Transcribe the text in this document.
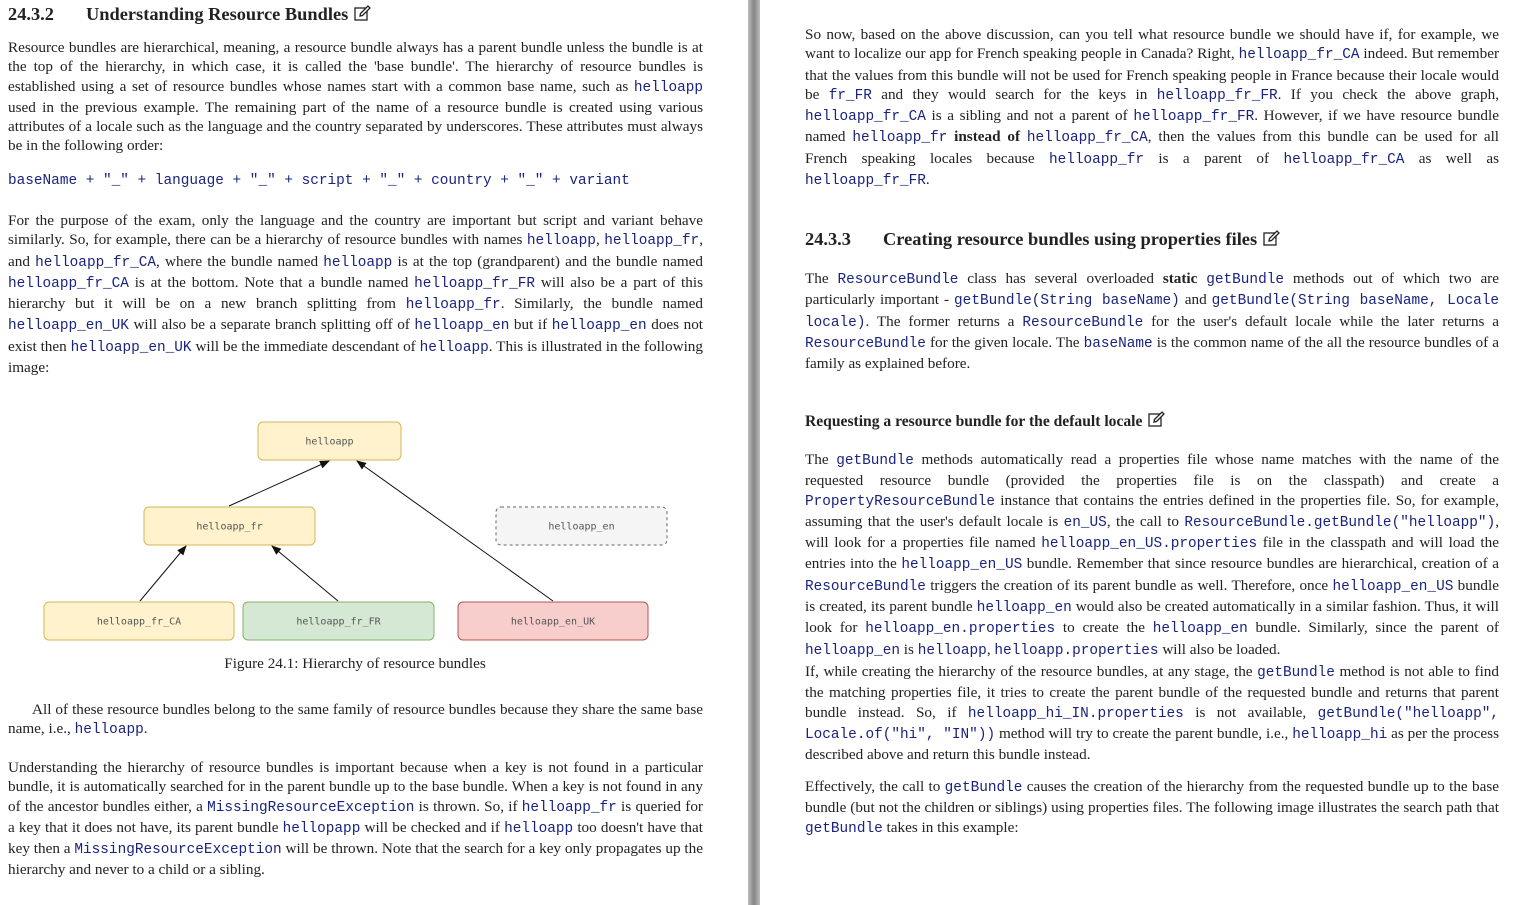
24.3.2 Understanding Resource Bundles

Resource bundles are hierarchical, meaning, a resource bundle always has a parent bundle unless the bundle is at the top of the hierarchy, in which case, it is called the 'base bundle'. The hierarchy of resource bundles is established using a set of resource bundles whose names start with a common base name, such as helloapp used in the previous example. The remaining part of the name of a resource bundle is created using various attributes of a locale such as the language and the country separated by underscores. These attributes must always be in the following order:

baseName + "_" + language + "_" + script + "_" + country + "_" + variant

For the purpose of the exam, only the language and the country are important but script and variant behave similarly. So, for example, there can be a hierarchy of resource bundles with names helloapp, helloapp_fr, and helloapp_fr_CA, where the bundle named helloapp is at the top (grandparent) and the bundle named helloapp_fr_CA is at the bottom. Note that a bundle named helloapp_fr_FR will also be a part of this hierarchy but it will be on a new branch splitting from helloapp_fr. Similarly, the bundle named helloapp_en_UK will also be a separate branch splitting off of helloapp_en but if helloapp_en does not exist then helloapp_en_UK will be the immediate descendant of helloapp. This is illustrated in the following image:

helloapp
helloapp_fr	helloapp_en
helloapp_fr_CA	helloapp_fr_FR	helloapp_en_UK
Figure 24.1: Hierarchy of resource bundles

All of these resource bundles belong to the same family of resource bundles because they share the same base name, i.e., helloapp.

Understanding the hierarchy of resource bundles is important because when a key is not found in a particular bundle, it is automatically searched for in the parent bundle up to the base bundle. When a key is not found in any of the ancestor bundles either, a MissingResourceException is thrown. So, if helloapp_fr is queried for a key that it does not have, its parent bundle hellopapp will be checked and if helloapp too doesn't have that key then a MissingResourceException will be thrown. Note that the search for a key only propagates up the hierarchy and never to a child or a sibling.

So now, based on the above discussion, can you tell what resource bundle we should have if, for example, we want to localize our app for French speaking people in Canada? Right, helloapp_fr_CA indeed. But remember that the values from this bundle will not be used for French speaking people in France because their locale would be fr_FR and they would search for the keys in helloapp_fr_FR. If you check the above graph, helloapp_fr_CA is a sibling and not a parent of helloapp_fr_FR. However, if we have resource bundle named helloapp_fr instead of helloapp_fr_CA, then the values from this bundle can be used for all French speaking locales because helloapp_fr is a parent of helloapp_fr_CA as well as helloapp_fr_FR.

24.3.3 Creating resource bundles using properties files

The ResourceBundle class has several overloaded static getBundle methods out of which two are particularly important - getBundle(String baseName) and getBundle(String baseName, Locale locale). The former returns a ResourceBundle for the user's default locale while the later returns a ResourceBundle for the given locale. The baseName is the common name of the all the resource bundles of a family as explained before.

Requesting a resource bundle for the default locale

The getBundle methods automatically read a properties file whose name matches with the name of the requested resource bundle (provided the properties file is on the classpath) and create a PropertyResourceBundle instance that contains the entries defined in the properties file. So, for example, assuming that the user's default locale is en_US, the call to ResourceBundle.getBundle("helloapp"), will look for a properties file named helloapp_en_US.properties file in the classpath and will load the entries into the helloapp_en_US bundle. Remember that since resource bundles are hierarchical, creation of a ResourceBundle triggers the creation of its parent bundle as well. Therefore, once helloapp_en_US bundle is created, its parent bundle helloapp_en would also be created automatically in a similar fashion. Thus, it will look for helloapp_en.properties to create the helloapp_en bundle. Similarly, since the parent of helloapp_en is helloapp, helloapp.properties will also be loaded.

If, while creating the hierarchy of the resource bundles, at any stage, the getBundle method is not able to find the matching properties file, it tries to create the parent bundle of the requested bundle and returns that parent bundle instead. So, if helloapp_hi_IN.properties is not available, getBundle("helloapp", Locale.of("hi", "IN")) method will try to create the parent bundle, i.e., helloapp_hi as per the process described above and return this bundle instead.

Effectively, the call to getBundle causes the creation of the hierarchy from the requested bundle up to the base bundle (but not the children or siblings) using properties files. The following image illustrates the search path that getBundle takes in this example:
